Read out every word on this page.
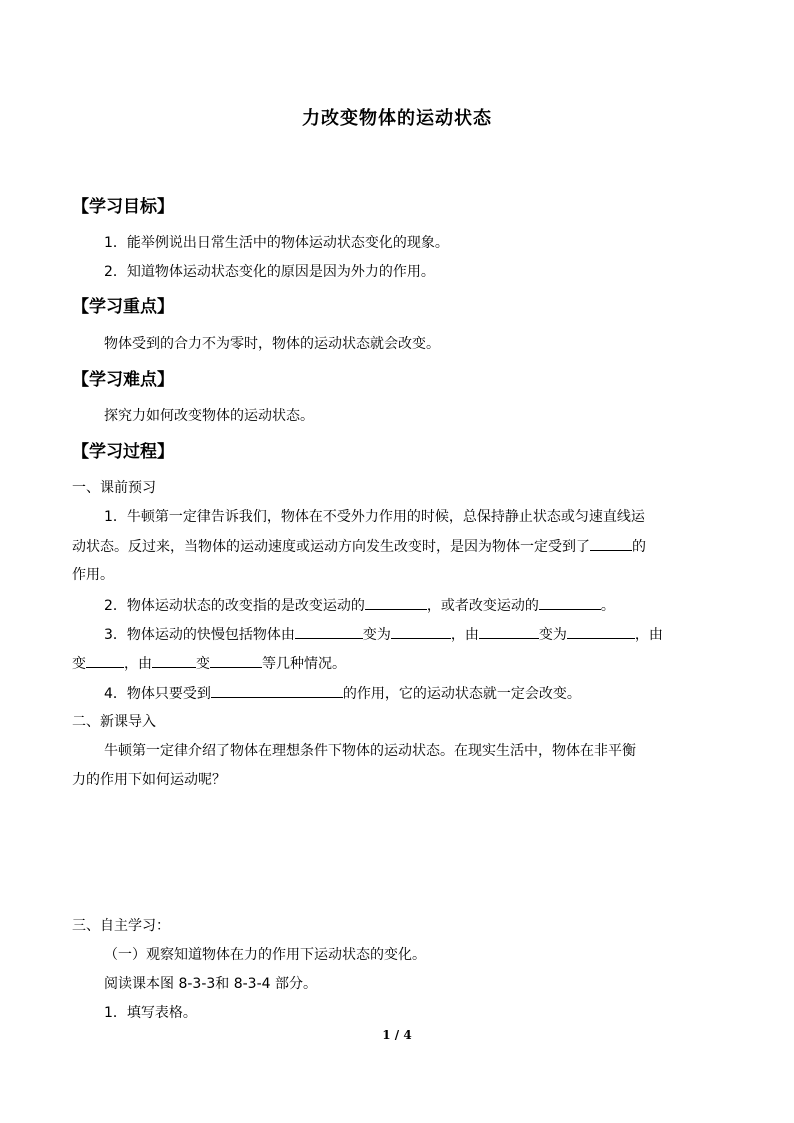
力改变物体的运动状态
【学习目标】
1．能举例说出日常生活中的物体运动状态变化的现象。
2．知道物体运动状态变化的原因是因为外力的作用。
【学习重点】
物体受到的合力不为零时，物体的运动状态就会改变。
【学习难点】
探究力如何改变物体的运动状态。
【学习过程】
一、课前预习
1．牛顿第一定律告诉我们，物体在不受外力作用的时候，总保持静止状态或匀速直线运
动状态。反过来，当物体的运动速度或运动方向发生改变时，是因为物体一定受到了	的
作用。
2．物体运动状态的改变指的是改变运动的	，或者改变运动的	。
3．物体运动的快慢包括物体由	变为	，由	变为	，由
变	，由	变	等几种情况。
4．物体只要受到	的作用，它的运动状态就一定会改变。
二、新课导入
牛顿第一定律介绍了物体在理想条件下物体的运动状态。在现实生活中，物体在非平衡
力的作用下如何运动呢？
三、自主学习：
（一）观察知道物体在力的作用下运动状态的变化。
阅读课本图 8-3-3和 8-3-4 部分。
1．填写表格。
1 / 4
